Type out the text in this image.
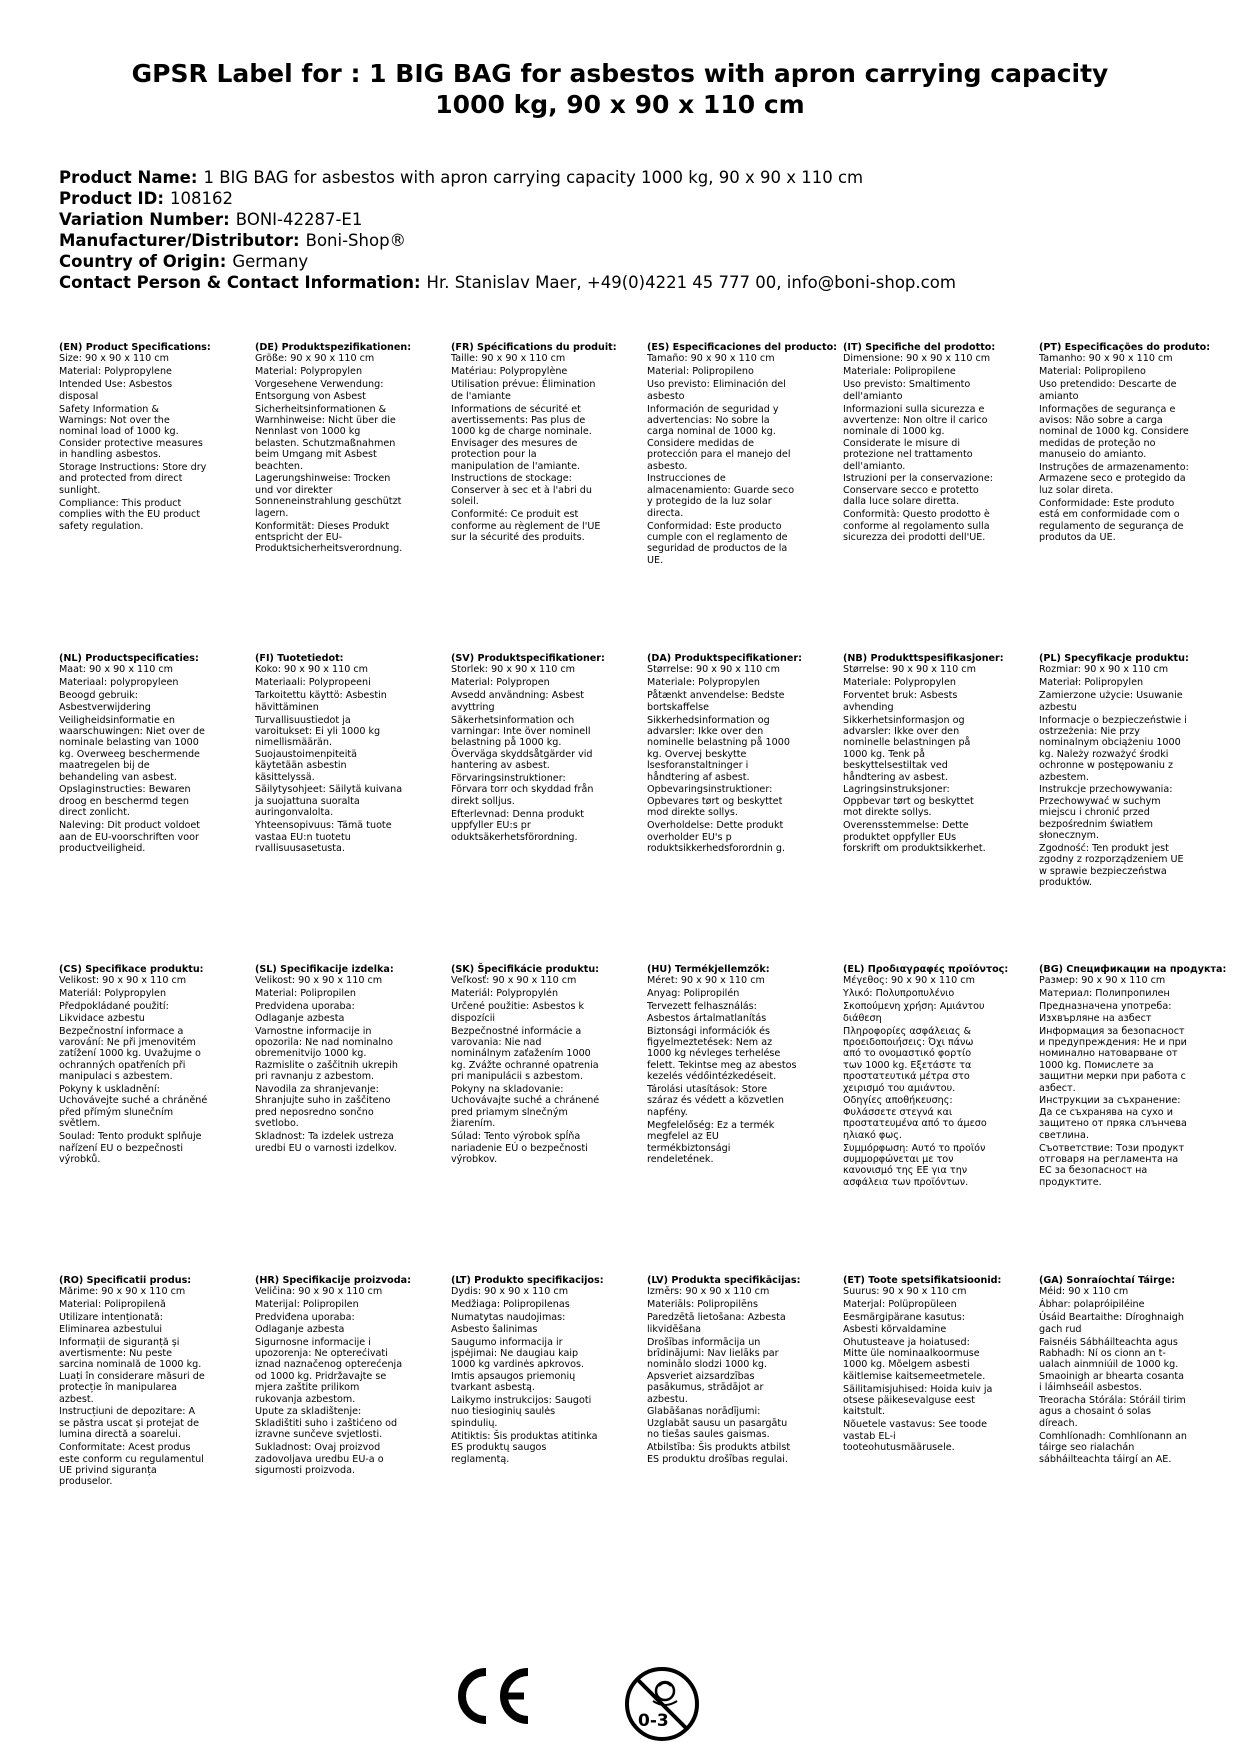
GPSR Label for : 1 BIG BAG for asbestos with apron carrying capacity 1000 kg, 90 x 90 x 110 cm
Product Name: 1 BIG BAG for asbestos with apron carrying capacity 1000 kg, 90 x 90 x 110 cm
Product ID: 108162
Variation Number: BONI-42287-E1
Manufacturer/Distributor: Boni-Shop®
Country of Origin: Germany
Contact Person & Contact Information: Hr. Stanislav Maer, +49(0)4221 45 777 00, info@boni-shop.com
(EN) Product Specifications:
Size: 90 x 90 x 110 cm
Material: Polypropylene
Intended Use: Asbestos disposal
Safety Information & Warnings: Not over the nominal load of 1000 kg. Consider protective measures in handling asbestos.
Storage Instructions: Store dry and protected from direct sunlight.
Compliance: This product complies with the EU product safety regulation.
(DE) Produktspezifikationen:
Größe: 90 x 90 x 110 cm
Material: Polypropylen
Vorgesehene Verwendung: Entsorgung von Asbest
Sicherheitsinformationen & Warnhinweise: Nicht über die Nennlast von 1000 kg belasten. Schutzmaßnahmen beim Umgang mit Asbest beachten.
Lagerungshinweise: Trocken und vor direkter Sonneneinstrahlung geschützt lagern.
Konformität: Dieses Produkt entspricht der EU-Produktsicherheitsverordnung.
(FR) Spécifications du produit:
Taille: 90 x 90 x 110 cm
Matériau: Polypropylène
Utilisation prévue: Élimination de l'amiante
Informations de sécurité et avertissements: Pas plus de 1000 kg de charge nominale. Envisager des mesures de protection pour la manipulation de l'amiante.
Instructions de stockage: Conserver à sec et à l'abri du soleil.
Conformité: Ce produit est conforme au règlement de l'UE sur la sécurité des produits.
(ES) Especificaciones del producto:
Tamaño: 90 x 90 x 110 cm
Material: Polipropileno
Uso previsto: Eliminación del asbesto
Información de seguridad y advertencias: No sobre la carga nominal de 1000 kg. Considere medidas de protección para el manejo del asbesto.
Instrucciones de almacenamiento: Guarde seco y protegido de la luz solar directa.
Conformidad: Este producto cumple con el reglamento de seguridad de productos de la UE.
(IT) Specifiche del prodotto:
Dimensione: 90 x 90 x 110 cm
Materiale: Polipropilene
Uso previsto: Smaltimento dell'amianto
Informazioni sulla sicurezza e avvertenze: Non oltre il carico nominale di 1000 kg. Considerate le misure di protezione nel trattamento dell'amianto.
Istruzioni per la conservazione: Conservare secco e protetto dalla luce solare diretta.
Conformità: Questo prodotto è conforme al regolamento sulla sicurezza dei prodotti dell'UE.
(PT) Especificações do produto:
Tamanho: 90 x 90 x 110 cm
Material: Polipropileno
Uso pretendido: Descarte de amianto
Informações de segurança e avisos: Não sobre a carga nominal de 1000 kg. Considere medidas de proteção no manuseio do amianto.
Instruções de armazenamento: Armazene seco e protegido da luz solar direta.
Conformidade: Este produto está em conformidade com o regulamento de segurança de produtos da UE.
(NL) Productspecificaties:
Maat: 90 x 90 x 110 cm
Materiaal: polypropyleen
Beoogd gebruik: Asbestverwijdering
Veiligheidsinformatie en waarschuwingen: Niet over de nominale belasting van 1000 kg. Overweeg beschermende maatregelen bij de behandeling van asbest.
Opslaginstructies: Bewaren droog en beschermd tegen direct zonlicht.
Naleving: Dit product voldoet aan de EU-voorschriften voor productveiligheid.
(FI) Tuotetiedot:
Koko: 90 x 90 x 110 cm
Materiaali: Polypropeeni
Tarkoitettu käyttö: Asbestin hävittäminen
Turvallisuustiedot ja varoitukset: Ei yli 1000 kg nimellismäärän. Suojaustoimenpiteitä käytetään asbestin käsittelyssä.
Säilytysohjeet: Säilytä kuivana ja suojattuna suoralta auringonvalolta.
Yhteensopivuus: Tämä tuote vastaa EU:n tuotetu rvallisuusasetusta.
(SV) Produktspecifikationer:
Storlek: 90 x 90 x 110 cm
Material: Polypropen
Avsedd användning: Asbest avyttring
Säkerhetsinformation och varningar: Inte över nominell belastning på 1000 kg. Överväga skyddsåtgärder vid hantering av asbest.
Förvaringsinstruktioner: Förvara torr och skyddad från direkt solljus.
Efterlevnad: Denna produkt uppfyller EU:s pr oduktsäkerhetsförordning.
(DA) Produktspecifikationer:
Størrelse: 90 x 90 x 110 cm
Materiale: Polypropylen
Påtænkt anvendelse: Bedste bortskaffelse
Sikkerhedsinformation og advarsler: Ikke over den nominelle belastning på 1000 kg. Overvej beskytte lsesforanstaltninger i håndtering af asbest.
Opbevaringsinstruktioner: Opbevares tørt og beskyttet mod direkte sollys.
Overholdelse: Dette produkt overholder EU's p roduktsikkerhedsforordnin g.
(NB) Produkttspesifikasjoner:
Størrelse: 90 x 90 x 110 cm
Materiale: Polypropylen
Forventet bruk: Asbests avhending
Sikkerhetsinformasjon og advarsler: Ikke over den nominelle belastningen på 1000 kg. Tenk på beskyttelsestiltak ved håndtering av asbest.
Lagringsinstruksjoner: Oppbevar tørt og beskyttet mot direkte sollys.
Overensstemmelse: Dette produktet oppfyller EUs forskrift om produktsikkerhet.
(PL) Specyfikacje produktu:
Rozmiar: 90 x 90 x 110 cm
Materiał: Polipropylen
Zamierzone użycie: Usuwanie azbestu
Informacje o bezpieczeństwie i ostrzeżenia: Nie przy nominalnym obciążeniu 1000 kg. Należy rozważyć środki ochronne w postępowaniu z azbestem.
Instrukcje przechowywania: Przechowywać w suchym miejscu i chronić przed bezpośrednim światłem słonecznym.
Zgodność: Ten produkt jest zgodny z rozporządzeniem UE w sprawie bezpieczeństwa produktów.
(CS) Specifikace produktu:
Velikost: 90 x 90 x 110 cm
Materiál: Polypropylen
Předpokládané použití: Likvidace azbestu
Bezpečnostní informace a varování: Ne při jmenovitém zatížení 1000 kg. Uvažujme o ochranných opatřeních při manipulaci s azbestem.
Pokyny k uskladnění: Uchovávejte suché a chráněné před přímým slunečním světlem.
Soulad: Tento produkt splňuje nařízení EU o bezpečnosti výrobků.
(SL) Specifikacije izdelka:
Velikost: 90 x 90 x 110 cm
Material: Polipropilen
Predvidena uporaba: Odlaganje azbesta
Varnostne informacije in opozorila: Ne nad nominalno obremenitvijo 1000 kg. Razmislite o zaščitnih ukrepih pri ravnanju z azbestom.
Navodila za shranjevanje: Shranjujte suho in zaščiteno pred neposredno sončno svetlobo.
Skladnost: Ta izdelek ustreza uredbi EU o varnosti izdelkov.
(SK) Špecifikácie produktu:
Veľkosť: 90 x 90 x 110 cm
Materiál: Polypropylén
Určené použitie: Asbestos k dispozícii
Bezpečnostné informácie a varovania: Nie nad nominálnym zaťažením 1000 kg. Zvážte ochranné opatrenia pri manipulácii s azbestom.
Pokyny na skladovanie: Uchovávajte suché a chránené pred priamym slnečným žiarením.
Súlad: Tento výrobok spĺňa nariadenie EÚ o bezpečnosti výrobkov.
(HU) Termékjellemzők:
Méret: 90 x 90 x 110 cm
Anyag: Polipropilén
Tervezett felhasználás: Asbestos ártalmatlanítás
Biztonsági információk és figyelmeztetések: Nem az 1000 kg névleges terhelése felett. Tekintse meg az abestos kezelés védőintézkedéseit.
Tárolási utasítások: Store száraz és védett a közvetlen napfény.
Megfelelőség: Ez a termék megfelel az EU termékbiztonsági rendeletének.
(EL) Προδιαγραφές προϊόντος:
Μέγεθος: 90 x 90 x 110 cm
Υλικό: Πολυπροπυλένιο
Σκοπούμενη χρήση: Αμιάντου διάθεση
Πληροφορίες ασφάλειας & προειδοποιήσεις: Όχι πάνω από το ονομαστικό φορτίο των 1000 kg. Εξετάστε τα προστατευτικά μέτρα στο χειρισμό του αμιάντου.
Οδηγίες αποθήκευσης: Φυλάσσετε στεγνά και προστατευμένα από το άμεσο ηλιακό φως.
Συμμόρφωση: Αυτό το προϊόν συμμορφώνεται με τον κανονισμό της ΕΕ για την ασφάλεια των προϊόντων.
(BG) Спецификации на продукта:
Размер: 90 x 90 x 110 cm
Материал: Полипропилен
Предназначена употреба: Изхвърляне на азбест
Информация за безопасност и предупреждения: Не и при номинално натоварване от 1000 kg. Помислете за защитни мерки при работа с азбест.
Инструкции за съхранение: Да се съхранява на сухо и защитено от пряка слънчева светлина.
Съответствие: Този продукт отговаря на регламента на ЕС за безопасност на продуктите.
(RO) Specificatii produs:
Mărime: 90 x 90 x 110 cm
Material: Polipropilenă
Utilizare intenționată: Eliminarea azbestului
Informații de siguranță și avertismente: Nu peste sarcina nominală de 1000 kg. Luați în considerare măsuri de protecție în manipularea azbest.
Instrucțiuni de depozitare: A se păstra uscat și protejat de lumina directă a soarelui.
Conformitate: Acest produs este conform cu regulamentul UE privind siguranța produselor.
(HR) Specifikacije proizvoda:
Veličina: 90 x 90 x 110 cm
Materijal: Polipropilen
Predviđena uporaba: Odlaganje azbesta
Sigurnosne informacije i upozorenja: Ne opterećivati iznad naznačenog opterećenja od 1000 kg. Pridržavajte se mjera zaštite prilikom rukovanja azbestom.
Upute za skladištenje: Skladištiti suho i zaštićeno od izravne sunčeve svjetlosti.
Sukladnost: Ovaj proizvod zadovoljava uredbu EU-a o sigurnosti proizvoda.
(LT) Produkto specifikacijos:
Dydis: 90 x 90 x 110 cm
Medžiaga: Polipropilenas
Numatytas naudojimas: Asbesto šalinimas
Saugumo informacija ir įspėjimai: Ne daugiau kaip 1000 kg vardinės apkrovos. Imtis apsaugos priemonių tvarkant asbestą.
Laikymo instrukcijos: Saugoti nuo tiesioginių saulės spindulių.
Atitiktis: Šis produktas atitinka ES produktų saugos reglamentą.
(LV) Produkta specifikācijas:
Izmērs: 90 x 90 x 110 cm
Materiāls: Polipropilēns
Paredzētā lietošana: Azbesta likvidēšana
Drošības informācija un brīdinājumi: Nav lielāks par nominālo slodzi 1000 kg. Apsveriet aizsardzības pasākumus, strādājot ar azbestu.
Glabāšanas norādījumi: Uzglabāt sausu un pasargātu no tiešas saules gaismas.
Atbilstība: Šis produkts atbilst ES produktu drošības regulai.
(ET) Toote spetsifikatsioonid:
Suurus: 90 x 90 x 110 cm
Materjal: Polüpropüleen
Eesmärgipärane kasutus: Asbesti kõrvaldamine
Ohutusteave ja hoiatused: Mitte üle nominaalkoormuse 1000 kg. Mõelgem asbesti käitlemise kaitsemeetmetele.
Säilitamisjuhised: Hoida kuiv ja otsese päikesevalguse eest kaitstult.
Nõuetele vastavus: See toode vastab EL-i tooteohutusmäärusele.
(GA) Sonraíochtaí Táirge:
Méid: 90 x 110 cm
Ábhar: polapróipiléine
Úsáid Beartaithe: Díroghnaigh gach rud
Faisnéis Sábháilteachta agus Rabhadh: Ní os cionn an t-ualach ainmniúil de 1000 kg. Smaoinigh ar bhearta cosanta i láimhseáil asbestos.
Treoracha Stórála: Stóráil tirim agus a chosaint ó solas díreach.
Comhlíonadh: Comhlíonann an táirge seo rialachán sábháilteachta táirgí an AE.
0-3
